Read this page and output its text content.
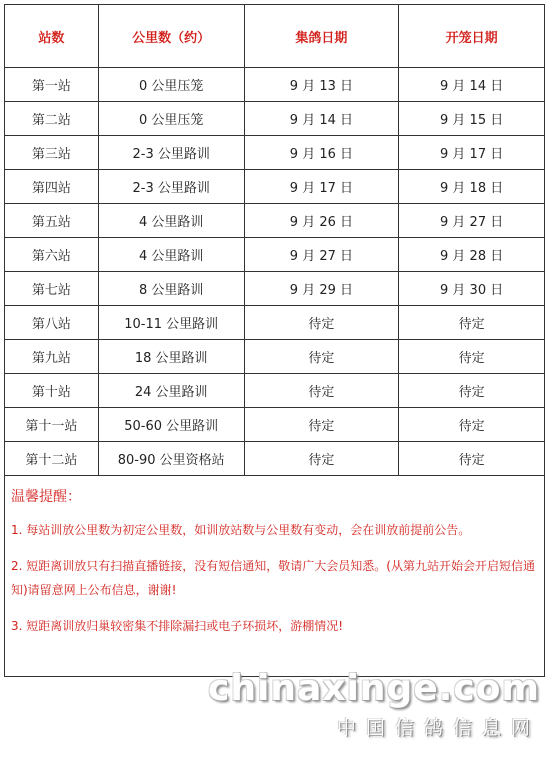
站数	公里数（约）	集鸽日期	开笼日期
第一站	0 公里压笼	9 月 13 日	9 月 14 日
第二站	0 公里压笼	9 月 14 日	9 月 15 日
第三站	2-3 公里路训	9 月 16 日	9 月 17 日
第四站	2-3 公里路训	9 月 17 日	9 月 18 日
第五站	4 公里路训	9 月 26 日	9 月 27 日
第六站	4 公里路训	9 月 27 日	9 月 28 日
第七站	8 公里路训	9 月 29 日	9 月 30 日
第八站	10-11 公里路训	待定	待定
第九站	18 公里路训	待定	待定
第十站	24 公里路训	待定	待定
第十一站	50-60 公里路训	待定	待定
第十二站	80-90 公里资格站	待定	待定
温馨提醒：
1. 每站训放公里数为初定公里数，如训放站数与公里数有变动，会在训放前提前公告。
2. 短距离训放只有扫描直播链接，没有短信通知，敬请广大会员知悉。(从第九站开始会开启短信通知)请留意网上公布信息，谢谢!
3. 短距离训放归巢较密集不排除漏扫或电子环损坏，游棚情况!
chinaxinge.com
中国信鸽信息网
